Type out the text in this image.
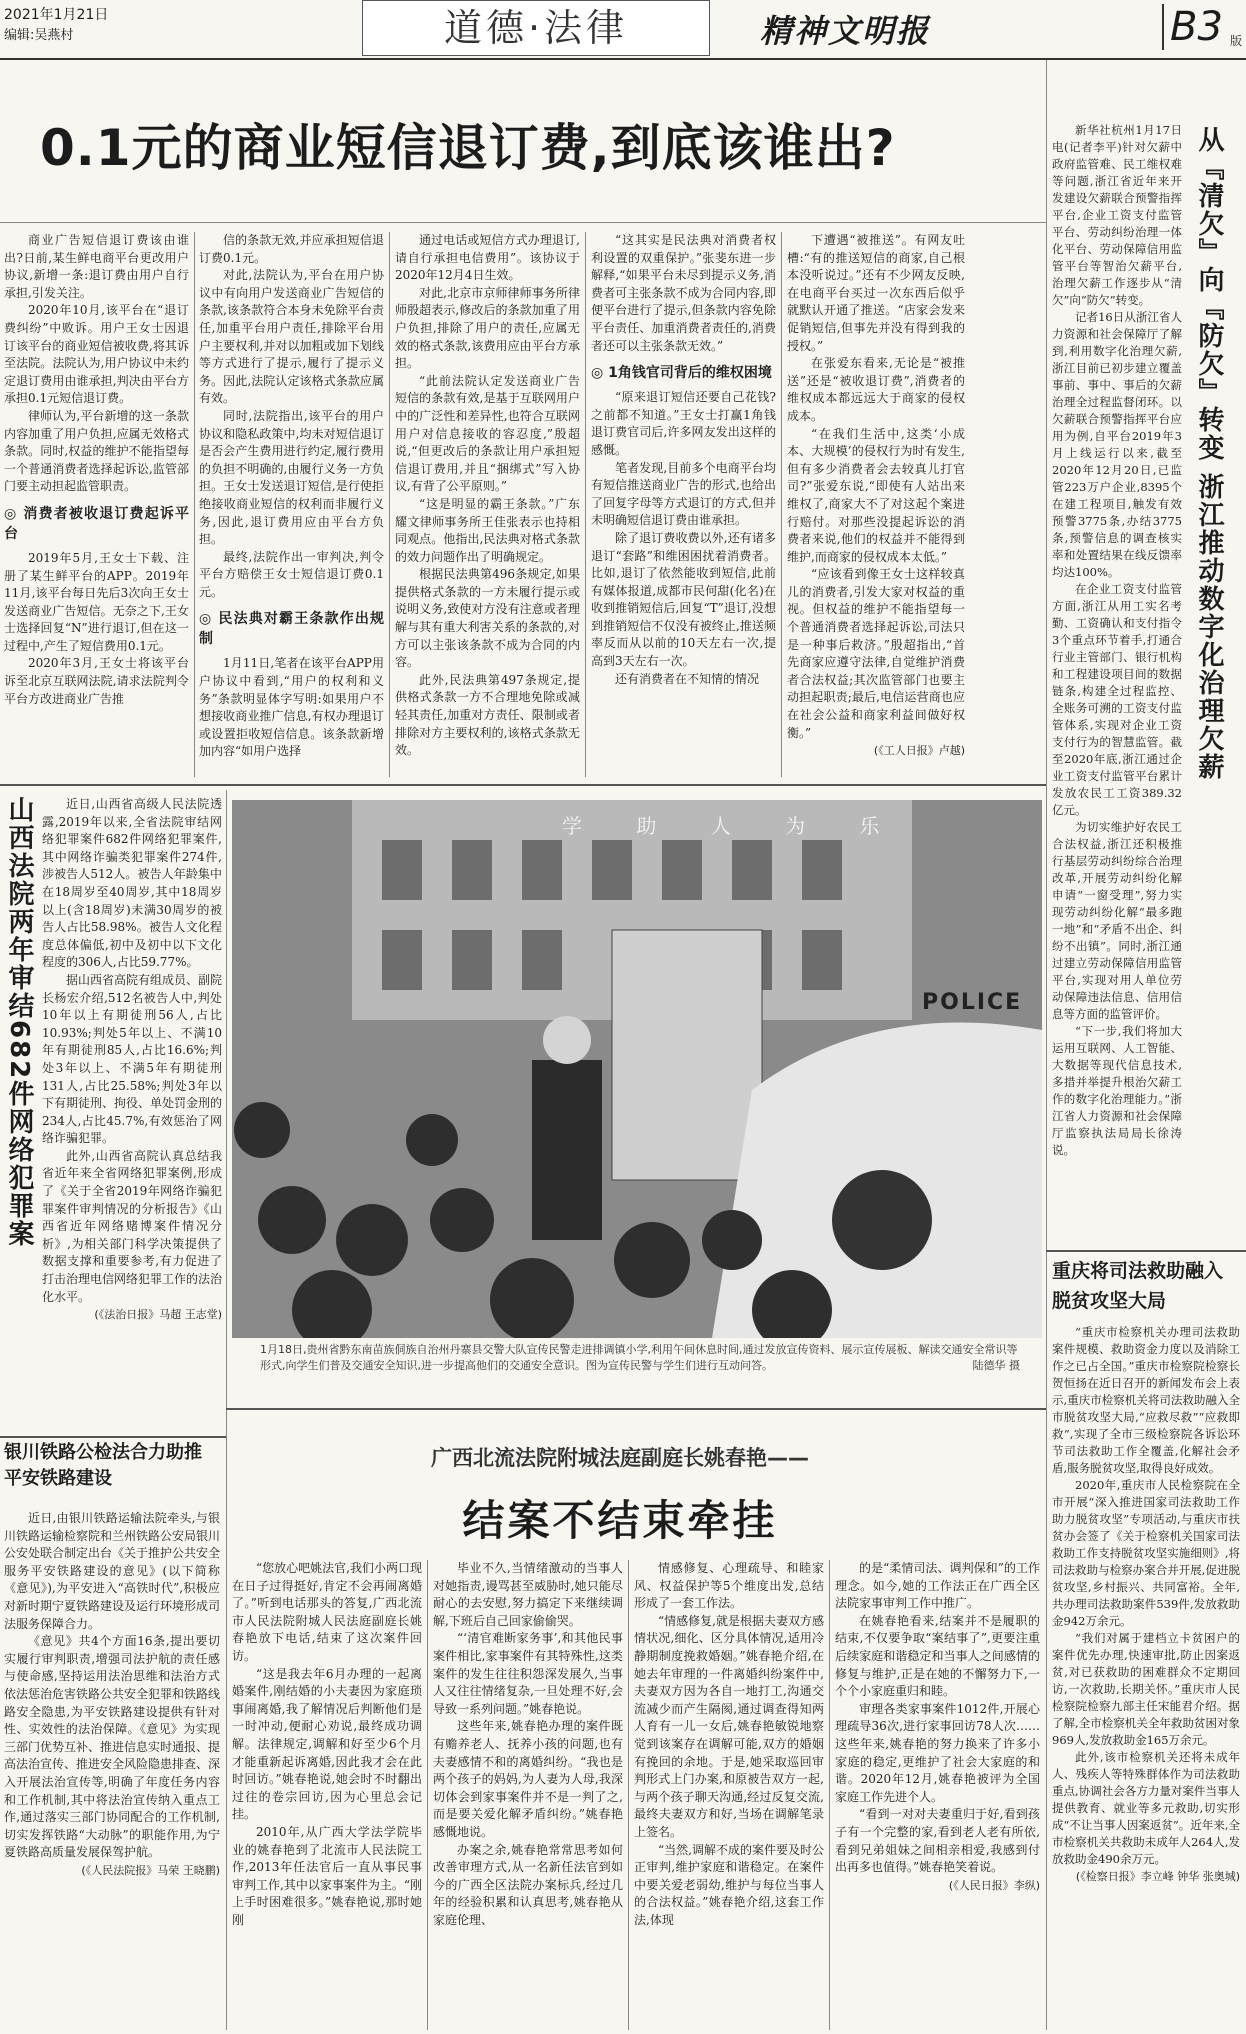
2021年1月21日
编辑:吴燕村	道德·法律	精神文明报	B3 版
0.1元的商业短信退订费,到底该谁出?

商业广告短信退订费该由谁出?日前,某生鲜电商平台更改用户协议,新增一条:退订费由用户自行承担,引发关注。

2020年10月,该平台在“退订费纠纷”中败诉。用户王女士因退订该平台的商业短信被收费,将其诉至法院。法院认为,用户协议中未约定退订费用由谁承担,判决由平台方承担0.1元短信退订费。

律师认为,平台新增的这一条款内容加重了用户负担,应属无效格式条款。同时,权益的维护不能指望每一个普通消费者选择起诉讼,监管部门要主动担起监管职责。

◎ 消费者被收退订费起诉平台

2019年5月,王女士下载、注册了某生鲜平台的APP。2019年11月,该平台每日先后3次向王女士发送商业广告短信。无奈之下,王女士选择回复“N”进行退订,但在这一过程中,产生了短信费用0.1元。

2020年3月,王女士将该平台诉至北京互联网法院,请求法院判令平台方改进商业广告推

信的条款无效,并应承担短信退订费0.1元。

对此,法院认为,平台在用户协议中有向用户发送商业广告短信的条款,该条款符合本身未免除平台责任,加重平台用户责任,排除平台用户主要权利,并对以加粗或加下划线等方式进行了提示,履行了提示义务。因此,法院认定该格式条款应属有效。

同时,法院指出,该平台的用户协议和隐私政策中,均未对短信退订是否会产生费用进行约定,履行费用的负担不明确的,由履行义务一方负担。王女士发送退订短信,是行使拒绝接收商业短信的权利而非履行义务,因此,退订费用应由平台方负担。

最终,法院作出一审判决,判令平台方赔偿王女士短信退订费0.1元。

◎ 民法典对霸王条款作出规制

1月11日,笔者在该平台APP用户协议中看到,“用户的权利和义务”条款明显体字写明:如果用户不想接收商业推广信息,有权办理退订或设置拒收短信信息。该条款新增加内容“如用户选择

通过电话或短信方式办理退订,请自行承担电信费用”。该协议于2020年12月4日生效。

对此,北京市京师律师事务所律师殷超表示,修改后的条款加重了用户负担,排除了用户的责任,应属无效的格式条款,该费用应由平台方承担。

“此前法院认定发送商业广告短信的条款有效,是基于互联网用户中的广泛性和差异性,也符合互联网用户对信息接收的容忍度,”殷超说,“但更改后的条款让用户承担短信退订费用,并且“捆绑式”写入协议,有背了公平原则。”

“这是明显的霸王条款。”广东耀文律师事务所王佳张表示也持相同观点。他指出,民法典对格式条款的效力问题作出了明确规定。

根据民法典第496条规定,如果提供格式条款的一方未履行提示或说明义务,致使对方没有注意或者理解与其有重大利害关系的条款的,对方可以主张该条款不成为合同的内容。

此外,民法典第497条规定,提供格式条款一方不合理地免除或减轻其责任,加重对方责任、限制或者排除对方主要权利的,该格式条款无效。

“这其实是民法典对消费者权利设置的双重保护。”张斐东进一步解释,“如果平台未尽到提示义务,消费者可主张条款不成为合同内容,即便平台进行了提示,但条款内容免除平台责任、加重消费者责任的,消费者还可以主张条款无效。”

◎ 1角钱官司背后的维权困境

“原来退订短信还要自己花钱?之前都不知道。”王女士打赢1角钱退订费官司后,许多网友发出这样的感慨。

笔者发现,目前多个电商平台均有短信推送商业广告的形式,也给出了回复字母等方式退订的方式,但并未明确短信退订费由谁承担。

除了退订费收费以外,还有诸多退订“套路”和维困困扰着消费者。比如,退订了依然能收到短信,此前有媒体报道,成都市民何甜(化名)在收到推销短信后,回复“T”退订,没想到推销短信不仅没有被终止,推送频率反而从以前的10天左右一次,提高到3天左右一次。

还有消费者在不知情的情况

下遭遇“被推送”。有网友吐槽:“有的推送短信的商家,自己根本没听说过。”还有不少网友反映,在电商平台买过一次东西后似乎就默认开通了推送。“店家会发来促销短信,但事先并没有得到我的授权。”

在张爱东看来,无论是“被推送”还是“被收退订费”,消费者的维权成本都远远大于商家的侵权成本。

“在我们生活中,这类‘小成本、大规模’的侵权行为时有发生,但有多少消费者会去较真儿打官司?”张爱东说,“即使有人站出来维权了,商家大不了对这起个案进行赔付。对那些没提起诉讼的消费者来说,他们的权益并不能得到维护,而商家的侵权成本太低。”

“应该看到像王女士这样较真儿的消费者,引发大家对权益的重视。但权益的维护不能指望每一个普通消费者选择起诉讼,司法只是一种事后救济。”殷超指出,“首先商家应遵守法律,自觉维护消费者合法权益;其次监管部门也要主动担起职责;最后,电信运营商也应在社会公益和商家利益间做好权衡。”

(《工人日报》卢越)

新华社杭州1月17日电(记者李平)针对欠薪中政府监管难、民工维权难等问题,浙江省近年来开发建设欠薪联合预警指挥平台,企业工资支付监管平台、劳动纠纷治理一体化平台、劳动保障信用监管平台等智治欠薪平台,治理欠薪工作逐步从“清欠”向“防欠”转变。

记者16日从浙江省人力资源和社会保障厅了解到,利用数字化治理欠薪,浙江目前已初步建立覆盖事前、事中、事后的欠薪治理全过程监督闭环。以欠薪联合预警指挥平台应用为例,自平台2019年3月上线运行以来,截至2020年12月20日,已监管223万户企业,8395个在建工程项目,触发有效预警3775条,办结3775条,预警信息的调查核实率和处置结果在线反馈率均达100%。

在企业工资支付监管方面,浙江从用工实名考勤、工资确认和支付指令3个重点环节着手,打通合行业主管部门、银行机构和工程建设项目间的数据链条,构建全过程监控、全账务可溯的工资支付监管体系,实现对企业工资支付行为的智慧监管。截至2020年底,浙江通过企业工资支付监管平台累计发放农民工工资389.32亿元。

为切实维护好农民工合法权益,浙江还积极推行基层劳动纠纷综合治理改革,开展劳动纠纷化解申请“一窗受理”,努力实现劳动纠纷化解“最多跑一地”和“矛盾不出企、纠纷不出镇”。同时,浙江通过建立劳动保障信用监管平台,实现对用人单位劳动保障违法信息、信用信息等方面的监管评价。

“下一步,我们将加大运用互联网、人工智能、大数据等现代信息技术,多措并举提升根治欠薪工作的数字化治理能力。”浙江省人力资源和社会保障厅监察执法局局长徐涛说。

从『清欠』向『防欠』转变 浙江推动数字化治理欠薪
重庆将司法救助融入脱贫攻坚大局

“重庆市检察机关办理司法救助案件规模、救助资金力度以及消除工作之已占全国。”重庆市检察院检察长贺恒扬在近日召开的新闻发布会上表示,重庆市检察机关将司法救助融入全市脱贫攻坚大局,“应救尽救”“应救即救”,实现了全市三级检察院各诉讼环节司法救助工作全覆盖,化解社会矛盾,服务脱贫攻坚,取得良好成效。

2020年,重庆市人民检察院在全市开展“深入推进国家司法救助工作助力脱贫攻坚”专项活动,与重庆市扶贫办会签了《关于检察机关国家司法救助工作支持脱贫攻坚实施细则》,将司法救助与检察办案合并开展,促进脱贫攻坚,乡村振兴、共同富裕。全年,共办理司法救助案件539件,发放救助金942万余元。

“我们对属于建档立卡贫困户的案件优先办理,快速审批,防止因案返贫,对已获救助的困难群众不定期回访,一次救助,长期关怀。”重庆市人民检察院检察九部主任宋能君介绍。据了解,全市检察机关全年救助贫困对象969人,发放救助金165万余元。

此外,该市检察机关还将未成年人、残疾人等特殊群体作为司法救助重点,协调社会各方力量对案件当事人提供教育、就业等多元救助,切实形成“不让当事人因案返贫”。近年来,全市检察机关共救助未成年人264人,发放救助金490余万元。

(《检察日报》李立峰 钟华 张奥城)

山西法院两年审结682件网络犯罪案	近日,山西省高级人民法院透露,2019年以来,全省法院审结网络犯罪案件682件网络犯罪案件,其中网络诈骗类犯罪案件274件,涉被告人512人。被告人年龄集中在18周岁至40周岁,其中18周岁以上(含18周岁)未满30周岁的被告人占比58.98%。被告人文化程度总体偏低,初中及初中以下文化程度的306人,占比59.77%。

据山西省高院有组成员、副院长杨宏介绍,512名被告人中,判处10年以上有期徒刑56人,占比10.93%;判处5年以上、不满10年有期徒刑85人,占比16.6%;判处3年以上、不满5年有期徒刑131人,占比25.58%;判处3年以下有期徒刑、拘役、单处罚金刑的234人,占比45.7%,有效惩治了网络诈骗犯罪。

此外,山西省高院认真总结我省近年来全省网络犯罪案例,形成了《关于全省2019年网络诈骗犯罪案件审判情况的分析报告》《山西省近年网络赌博案件情况分析》,为相关部门科学决策提供了数据支撑和重要参考,有力促进了打击治理电信网络犯罪工作的法治化水平。

(《法治日报》马超 王志堂)

学 助 人 为 乐
POLICE
1月18日,贵州省黔东南苗族侗族自治州丹寨县交警大队宣传民警走进排调镇小学,利用午间休息时间,通过发放宣传资料、展示宣传展板、解读交通安全常识等形式,向学生们普及交通安全知识,进一步提高他们的交通安全意识。图为宣传民警与学生们进行互动问答。	陆德华 摄
银川铁路公检法合力助推平安铁路建设

近日,由银川铁路运输法院牵头,与银川铁路运输检察院和兰州铁路公安局银川公安处联合制定出台《关于推护公共安全服务平安铁路建设的意见》(以下简称《意见》),为平安进入“高铁时代”,积极应对新时期宁夏铁路建设及运行环境形成司法服务保障合力。

《意见》共4个方面16条,提出要切实履行审判职责,增强司法护航的责任感与使命感,坚持运用法治思维和法治方式依法惩治危害铁路公共安全犯罪和铁路线路安全隐患,为平安铁路建设提供有针对性、实效性的法治保障。《意见》为实现三部门优势互补、推进信息实时通报、提高法治宣传、推进安全风险隐患排查、深入开展法治宣传等,明确了年度任务内容和工作机制,其中将法治宣传纳入重点工作,通过落实三部门协同配合的工作机制,切实发挥铁路“大动脉”的职能作用,为宁夏铁路高质量发展保驾护航。

(《人民法院报》马荣 王晓鹏)

广西北流法院附城法庭副庭长姚春艳——
结案不结束牵挂

“您放心吧姚法官,我们小两口现在日子过得挺好,肯定不会再闹离婚了。”听到电话那头的答复,广西北流市人民法院附城人民法庭副庭长姚春艳放下电话,结束了这次案件回访。

“这是我去年6月办理的一起离婚案件,刚结婚的小夫妻因为家庭琐事闹离婚,我了解情况后判断他们是一时冲动,便耐心劝说,最终成功调解。法律规定,调解和好至少6个月才能重新起诉离婚,因此我才会在此时回访。”姚春艳说,她会时不时翻出过往的卷宗回访,因为心里总会记挂。

2010年,从广西大学法学院毕业的姚春艳到了北流市人民法院工作,2013年任法官后一直从事民事审判工作,其中以家事案件为主。“刚上手时困难很多。”姚春艳说,那时她刚

毕业不久,当情绪激动的当事人对她指责,谩骂甚至威胁时,她只能尽耐心的去安慰,努力搞定下来继续调解,下班后自己回家偷偷哭。

“‘清官难断家务事’,和其他民事案件相比,家事案件有其特殊性,这类案件的发生往往积怨深发展久,当事人又往往情绪复杂,一旦处理不好,会导致一系列问题。”姚春艳说。

这些年来,姚春艳办理的案件既有赡养老人、抚养小孩的问题,也有夫妻感情不和的离婚纠纷。“我也是两个孩子的妈妈,为人妻为人母,我深切体会到家事案件并不是一判了之,而是要关爱化解矛盾纠纷。”姚春艳感慨地说。

办案之余,姚春艳常常思考如何改善审理方式,从一名新任法官到如今的广西全区法院办案标兵,经过几年的经验积累和认真思考,姚春艳从家庭伦理、

情感修复、心理疏导、和睦家风、权益保护等5个维度出发,总结形成了一套工作法。

“情感修复,就是根据夫妻双方感情状况,细化、区分具体情况,适用冷静期制度挽救婚姻。”姚春艳介绍,在她去年审理的一件离婚纠纷案件中,夫妻双方因为各自一地打工,沟通交流减少而产生隔阂,通过调查得知两人育有一儿一女后,姚春艳敏锐地察觉到该案存在调解可能,双方的婚姻有挽回的余地。于是,她采取巡回审判形式上门办案,和原被告双方一起,与两个孩子聊天沟通,经过反复交流,最终夫妻双方和好,当场在调解笔录上签名。

“当然,调解不成的案件要及时公正审判,维护家庭和谐稳定。在案件中要关爱老弱幼,维护与每位当事人的合法权益。”姚春艳介绍,这套工作法,体现

的是“柔情司法、调判保和”的工作理念。如今,她的工作法正在广西全区法院家事审判工作中推广。

在姚春艳看来,结案并不是履职的结束,不仅要争取“案结事了”,更要注重后续家庭和谐稳定和当事人之间感情的修复与维护,正是在她的不懈努力下,一个个小家庭重归和睦。

审理各类家事案件1012件,开展心理疏导36次,进行家事回访78人次……这些年来,姚春艳的努力换来了许多小家庭的稳定,更维护了社会大家庭的和谐。2020年12月,姚春艳被评为全国家庭工作先进个人。

“看到一对对夫妻重归于好,看到孩子有一个完整的家,看到老人老有所依,看到兄弟姐妹之间相亲相爱,我感到付出再多也值得。”姚春艳笑着说。

(《人民日报》李纵)
